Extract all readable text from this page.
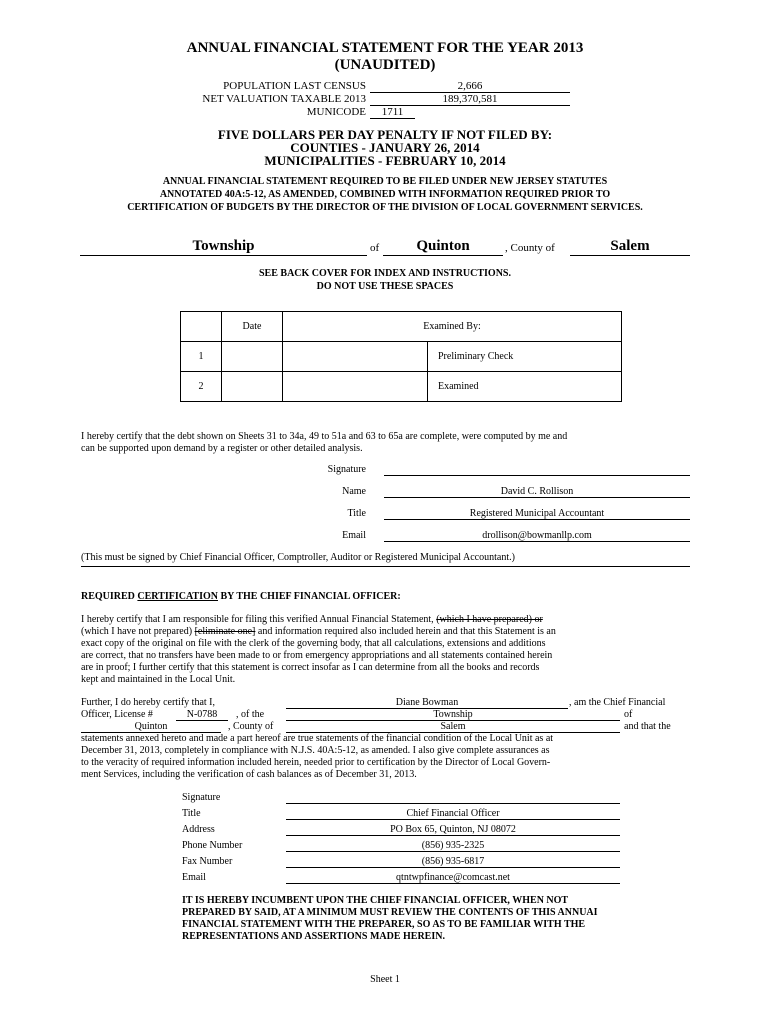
ANNUAL FINANCIAL STATEMENT FOR THE YEAR 2013
(UNAUDITED)
POPULATION LAST CENSUS	2,666
NET VALUATION TAXABLE 2013	189,370,581
MUNICODE	1711
FIVE DOLLARS PER DAY PENALTY IF NOT FILED BY:
COUNTIES - JANUARY 26, 2014
MUNICIPALITIES - FEBRUARY 10, 2014
ANNUAL FINANCIAL STATEMENT REQUIRED TO BE FILED UNDER NEW JERSEY STATUTES
ANNOTATED 40A:5-12, AS AMENDED, COMBINED WITH INFORMATION REQUIRED PRIOR TO
CERTIFICATION OF BUDGETS BY THE DIRECTOR OF THE DIVISION OF LOCAL GOVERNMENT SERVICES.
Township	of	Quinton	, County of	Salem
SEE BACK COVER FOR INDEX AND INSTRUCTIONS.
DO NOT USE THESE SPACES
	Date	Examined By:	
1			Preliminary Check
2			Examined
I hereby certify that the debt shown on Sheets 31 to 34a, 49 to 51a and 63 to 65a are complete, were computed by me and
can be supported upon demand by a register or other detailed analysis.
Signature
Name	David C. Rollison
Title	Registered Municipal Accountant
Email	drollison@bowmanllp.com
(This must be signed by Chief Financial Officer, Comptroller, Auditor or Registered Municipal Accountant.)
REQUIRED CERTIFICATION BY THE CHIEF FINANCIAL OFFICER:
I hereby certify that I am responsible for filing this verified Annual Financial Statement, (which I have prepared) or
(which I have not prepared) [eliminate one] and information required also included herein and that this Statement is an
exact copy of the original on file with the clerk of the governing body, that all calculations, extensions and additions
are correct, that no transfers have been made to or from emergency appropriations and all statements contained herein
are in proof; I further certify that this statement is correct insofar as I can determine from all the books and records
kept and maintained in the Local Unit.
Further, I do hereby certify that I,	Diane Bowman	, am the Chief Financial
Officer, License #	N-0788	, of the	Township	of
Quinton	, County of	Salem	and that the
statements annexed hereto and made a part hereof are true statements of the financial condition of the Local Unit as at
December 31, 2013, completely in compliance with N.J.S. 40A:5-12, as amended. I also give complete assurances as
to the veracity of required information included herein, needed prior to certification by the Director of Local Govern-
ment Services, including the verification of cash balances as of December 31, 2013.
Signature
Title	Chief Financial Officer
Address	PO Box 65, Quinton, NJ 08072
Phone Number	(856) 935-2325
Fax Number	(856) 935-6817
Email	qtntwpfinance@comcast.net
IT IS HEREBY INCUMBENT UPON THE CHIEF FINANCIAL OFFICER, WHEN NOT
PREPARED BY SAID, AT A MINIMUM MUST REVIEW THE CONTENTS OF THIS ANNUAI
FINANCIAL STATEMENT WITH THE PREPARER, SO AS TO BE FAMILIAR WITH THE
REPRESENTATIONS AND ASSERTIONS MADE HEREIN.
Sheet 1
